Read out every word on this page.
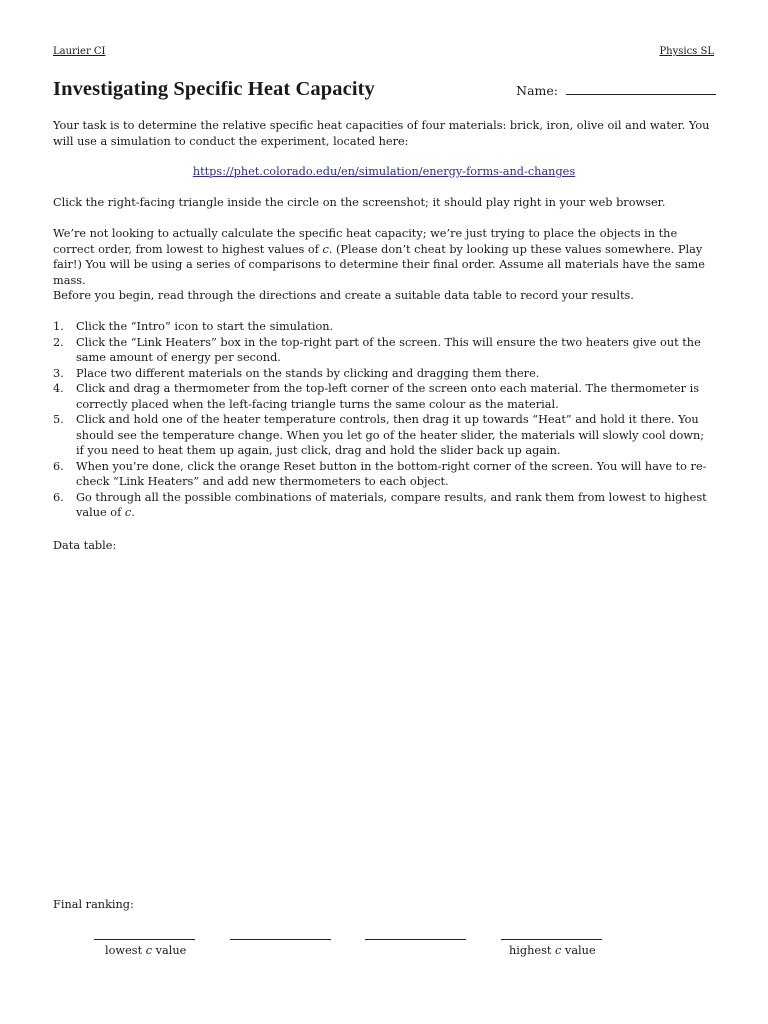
Laurier CI	Physics SL
Investigating Specific Heat Capacity	Name:

Your task is to determine the relative specific heat capacities of four materials: brick, iron, olive oil and water. You will use a simulation to conduct the experiment, located here:

https://phet.colorado.edu/en/simulation/energy-forms-and-changes

Click the right-facing triangle inside the circle on the screenshot; it should play right in your web browser.

We’re not looking to actually calculate the specific heat capacity; we’re just trying to place the objects in the correct order, from lowest to highest values of c. (Please don’t cheat by looking up these values somewhere. Play fair!) You will be using a series of comparisons to determine their final order. Assume all materials have the same mass.

Before you begin, read through the directions and create a suitable data table to record your results.

1. Click the “Intro” icon to start the simulation.
2. Click the “Link Heaters” box in the top-right part of the screen. This will ensure the two heaters give out the same amount of energy per second.
3. Place two different materials on the stands by clicking and dragging them there.
4. Click and drag a thermometer from the top-left corner of the screen onto each material. The thermometer is correctly placed when the left-facing triangle turns the same colour as the material.
5. Click and hold one of the heater temperature controls, then drag it up towards “Heat” and hold it there. You should see the temperature change. When you let go of the heater slider, the materials will slowly cool down; if you need to heat them up again, just click, drag and hold the slider back up again.
6. When you’re done, click the orange Reset button in the bottom-right corner of the screen. You will have to re-check “Link Heaters” and add new thermometers to each object.
6. Go through all the possible combinations of materials, compare results, and rank them from lowest to highest value of c.

Data table:

Final ranking:

lowest c value	highest c value
